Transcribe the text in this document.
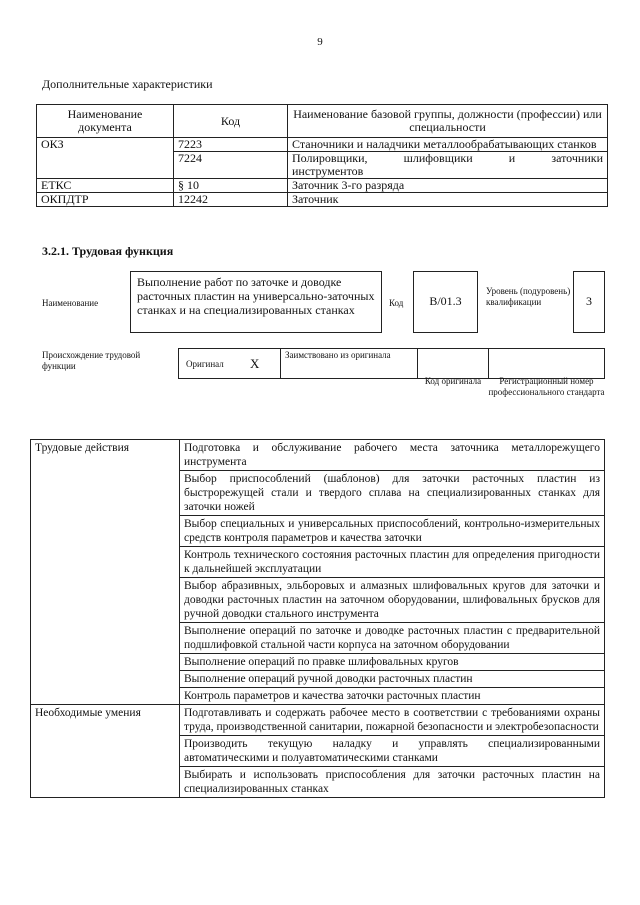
9
Дополнительные характеристики
Наименование документа	Код	Наименование базовой группы, должности (профессии) или специальности
ОКЗ	7223	Станочники и наладчики металлообрабатывающих станков
	7224	Полировщики, шлифовщики и заточники
инструментов

ЕТКС	§ 10	Заточник 3-го разряда
ОКПДТР	12242	Заточник
3.2.1. Трудовая функция
Наименование
Выполнение работ по заточке и доводке расточных пластин на универсально-заточных станках и на специализированных станках	Код	В/01.3
Уровень (подуровень) квалификации	3
Происхождение трудовой функции	Оригинал X
Заимствовано из оригинала
Код оригинала	Регистрационный номер профессионального стандарта
Трудовые действия	Подготовка и обслуживание рабочего места заточника металлорежущего инструмента
	Выбор приспособлений (шаблонов) для заточки расточных пластин из быстрорежущей стали и твердого сплава на специализированных станках для заточки ножей
	Выбор специальных и универсальных приспособлений, контрольно-измерительных средств контроля параметров и качества заточки
	Контроль технического состояния расточных пластин для определения пригодности к дальнейшей эксплуатации
	Выбор абразивных, эльборовых и алмазных шлифовальных кругов для заточки и доводки расточных пластин на заточном оборудовании, шлифовальных брусков для ручной доводки стального инструмента
	Выполнение операций по заточке и доводке расточных пластин с предварительной подшлифовкой стальной части корпуса на заточном оборудовании
	Выполнение операций по правке шлифовальных кругов
	Выполнение операций ручной доводки расточных пластин
	Контроль параметров и качества заточки расточных пластин
Необходимые умения	Подготавливать и содержать рабочее место в соответствии с требованиями охраны труда, производственной санитарии, пожарной безопасности и электробезопасности
	Производить текущую наладку и управлять специализированными автоматическими и полуавтоматическими станками
	Выбирать и использовать приспособления для заточки расточных пластин на специализированных станках
